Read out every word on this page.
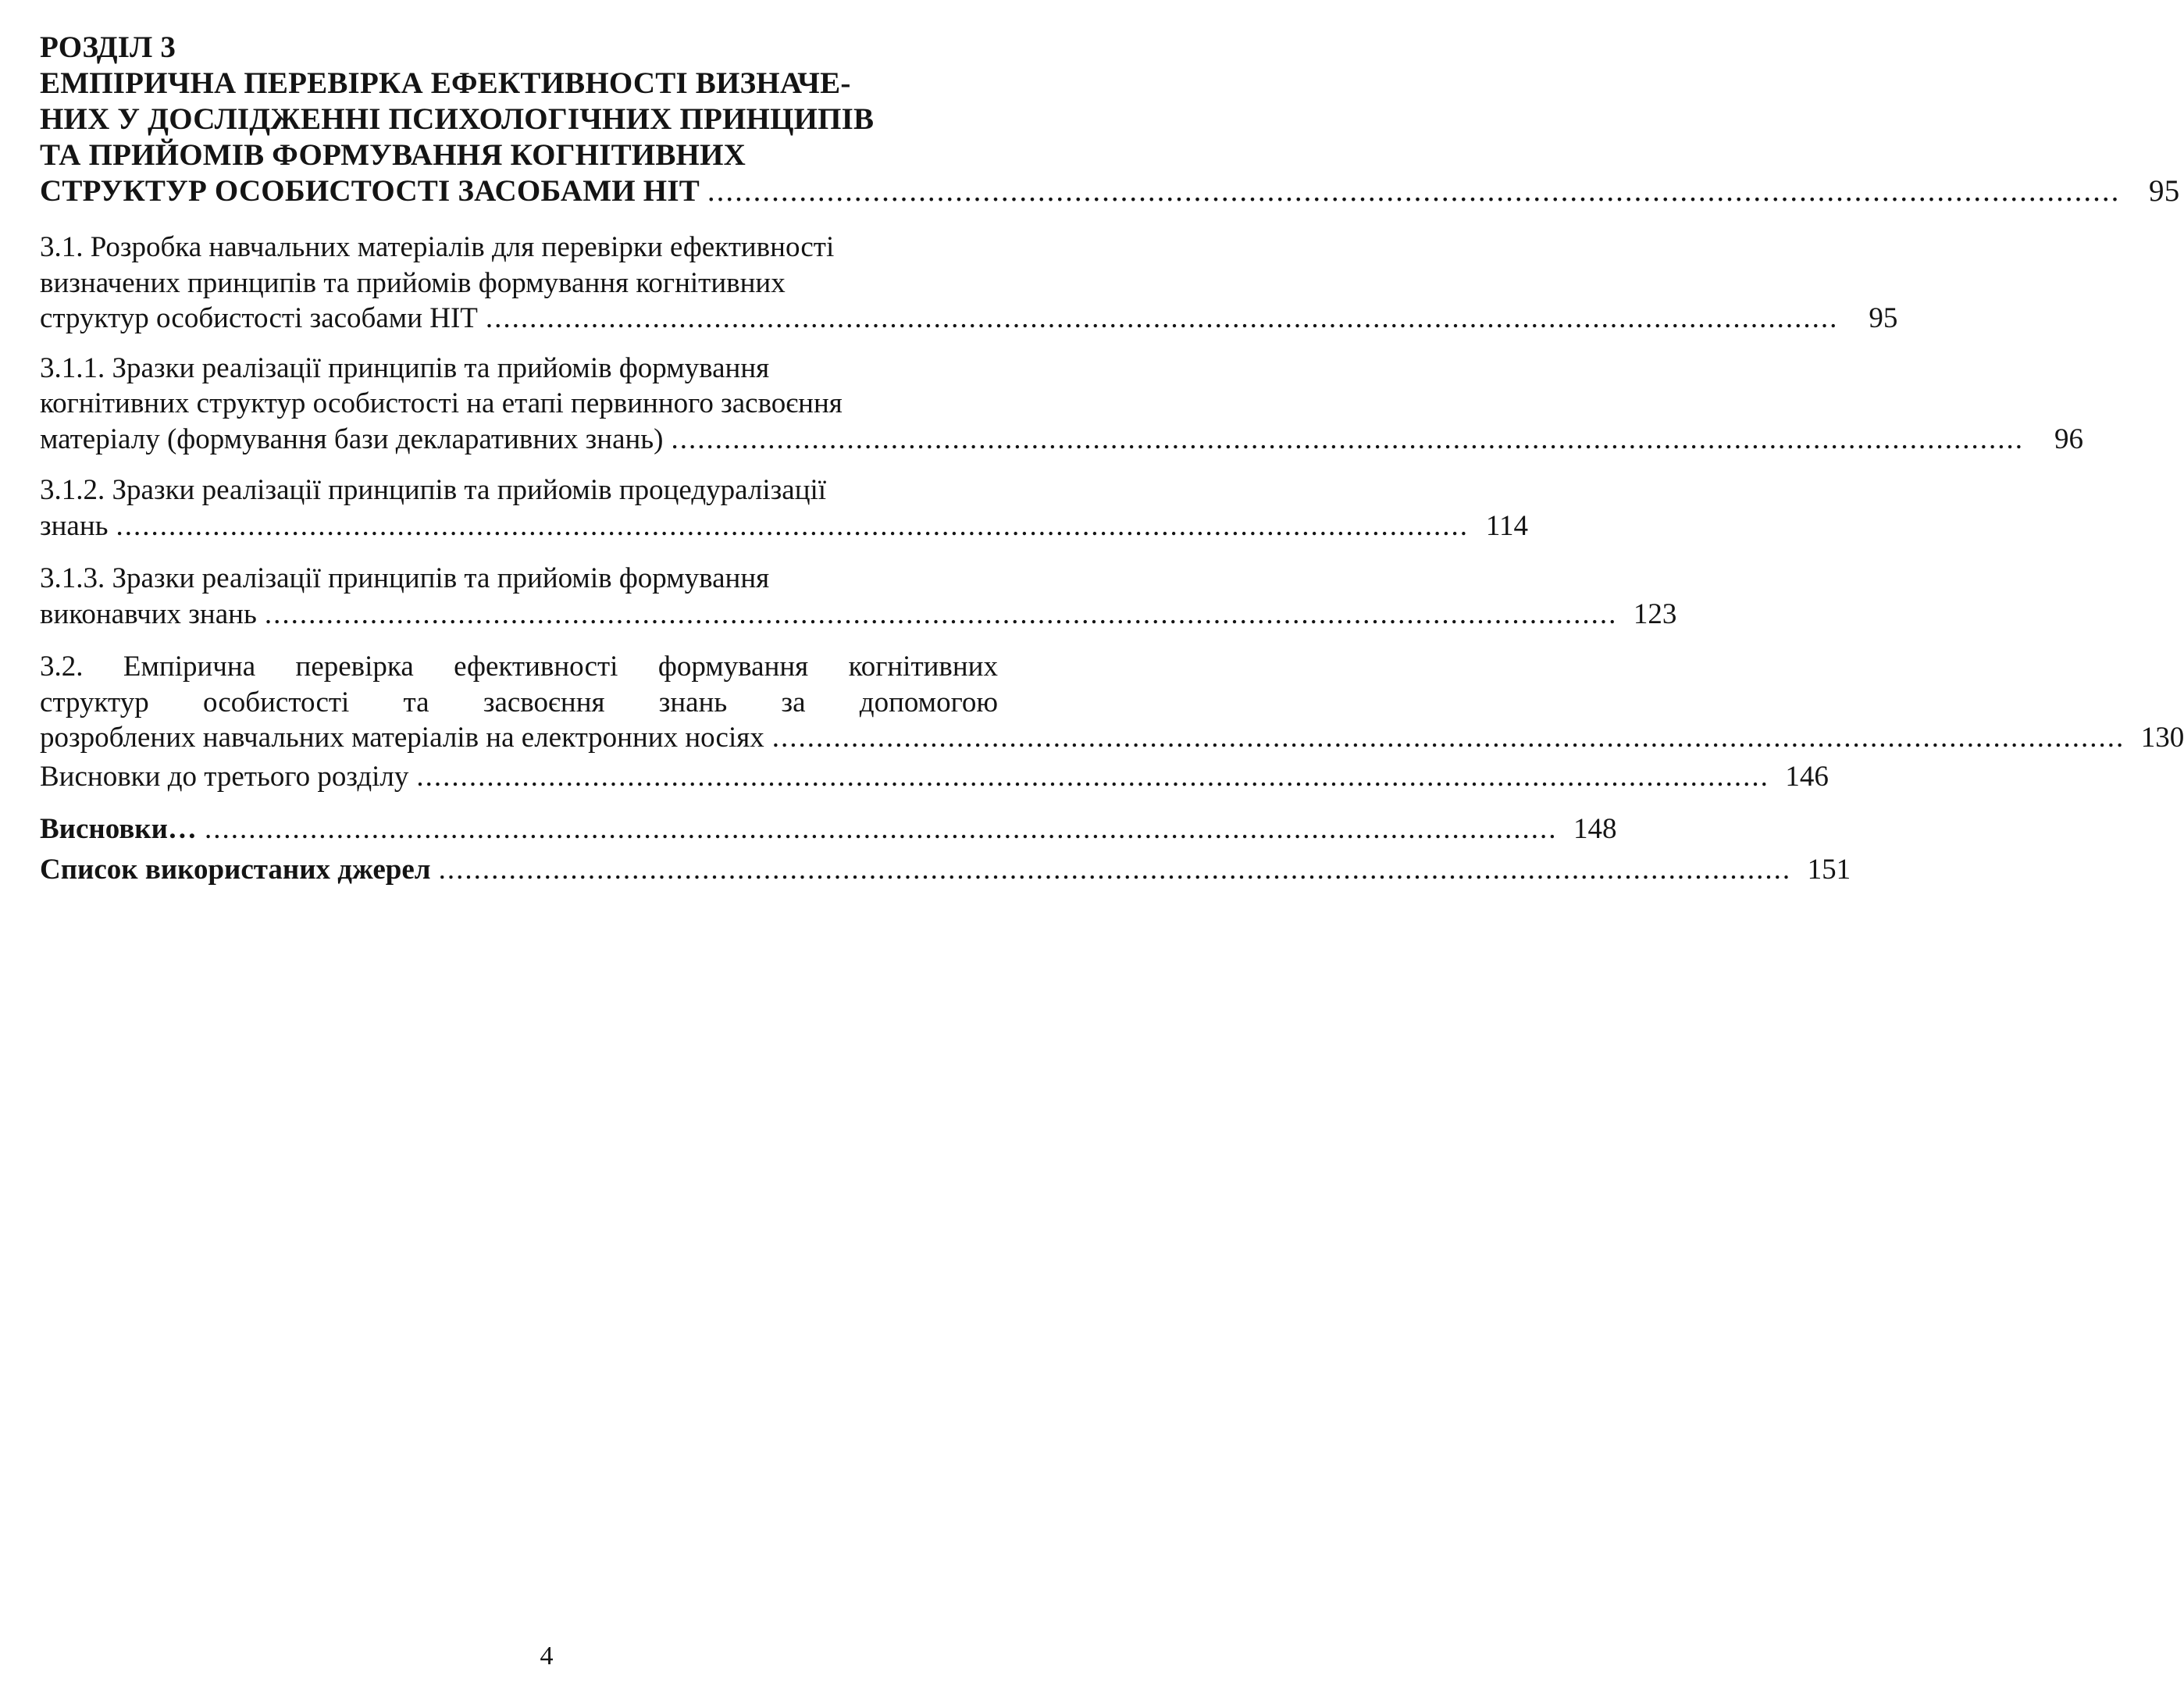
РОЗДІЛ 3
ЕМПІРИЧНА ПЕРЕВІРКА ЕФЕКТИВНОСТІ ВИЗНАЧЕ-
НИХ У ДОСЛІДЖЕННІ ПСИХОЛОГІЧНИХ ПРИНЦИПІВ
ТА ПРИЙОМІВ ФОРМУВАННЯ КОГНІТИВНИХ
СТРУКТУР ОСОБИСТОСТІ ЗАСОБАМИ НІТ .......................................................................................................................................................... 95
3.1. Розробка навчальних матеріалів для перевірки ефективності
визначених принципів та прийомів формування когнітивних
структур особистості засобами НІТ ..........................................................................................................................................................	95
3.1.1. Зразки реалізації принципів та прийомів формування
когнітивних структур особистості на етапі первинного засвоєння
матеріалу (формування бази декларативних знань) ..........................................................................................................................................................	96
3.1.2. Зразки реалізації принципів та прийомів процедуралізації
знань .......................................................................................................................................................... 114
3.1.3. Зразки реалізації принципів та прийомів формування
виконавчих знань .......................................................................................................................................................... 123
3.2. Емпірична перевірка ефективності формування когнітивних
структур особистості та засвоєння знань за допомогою
розроблених навчальних матеріалів на електронних носіях .......................................................................................................................................................... 130
Висновки до третього розділу .......................................................................................................................................................... 146
Висновки… .......................................................................................................................................................... 148
Список використаних джерел .......................................................................................................................................................... 151
4
